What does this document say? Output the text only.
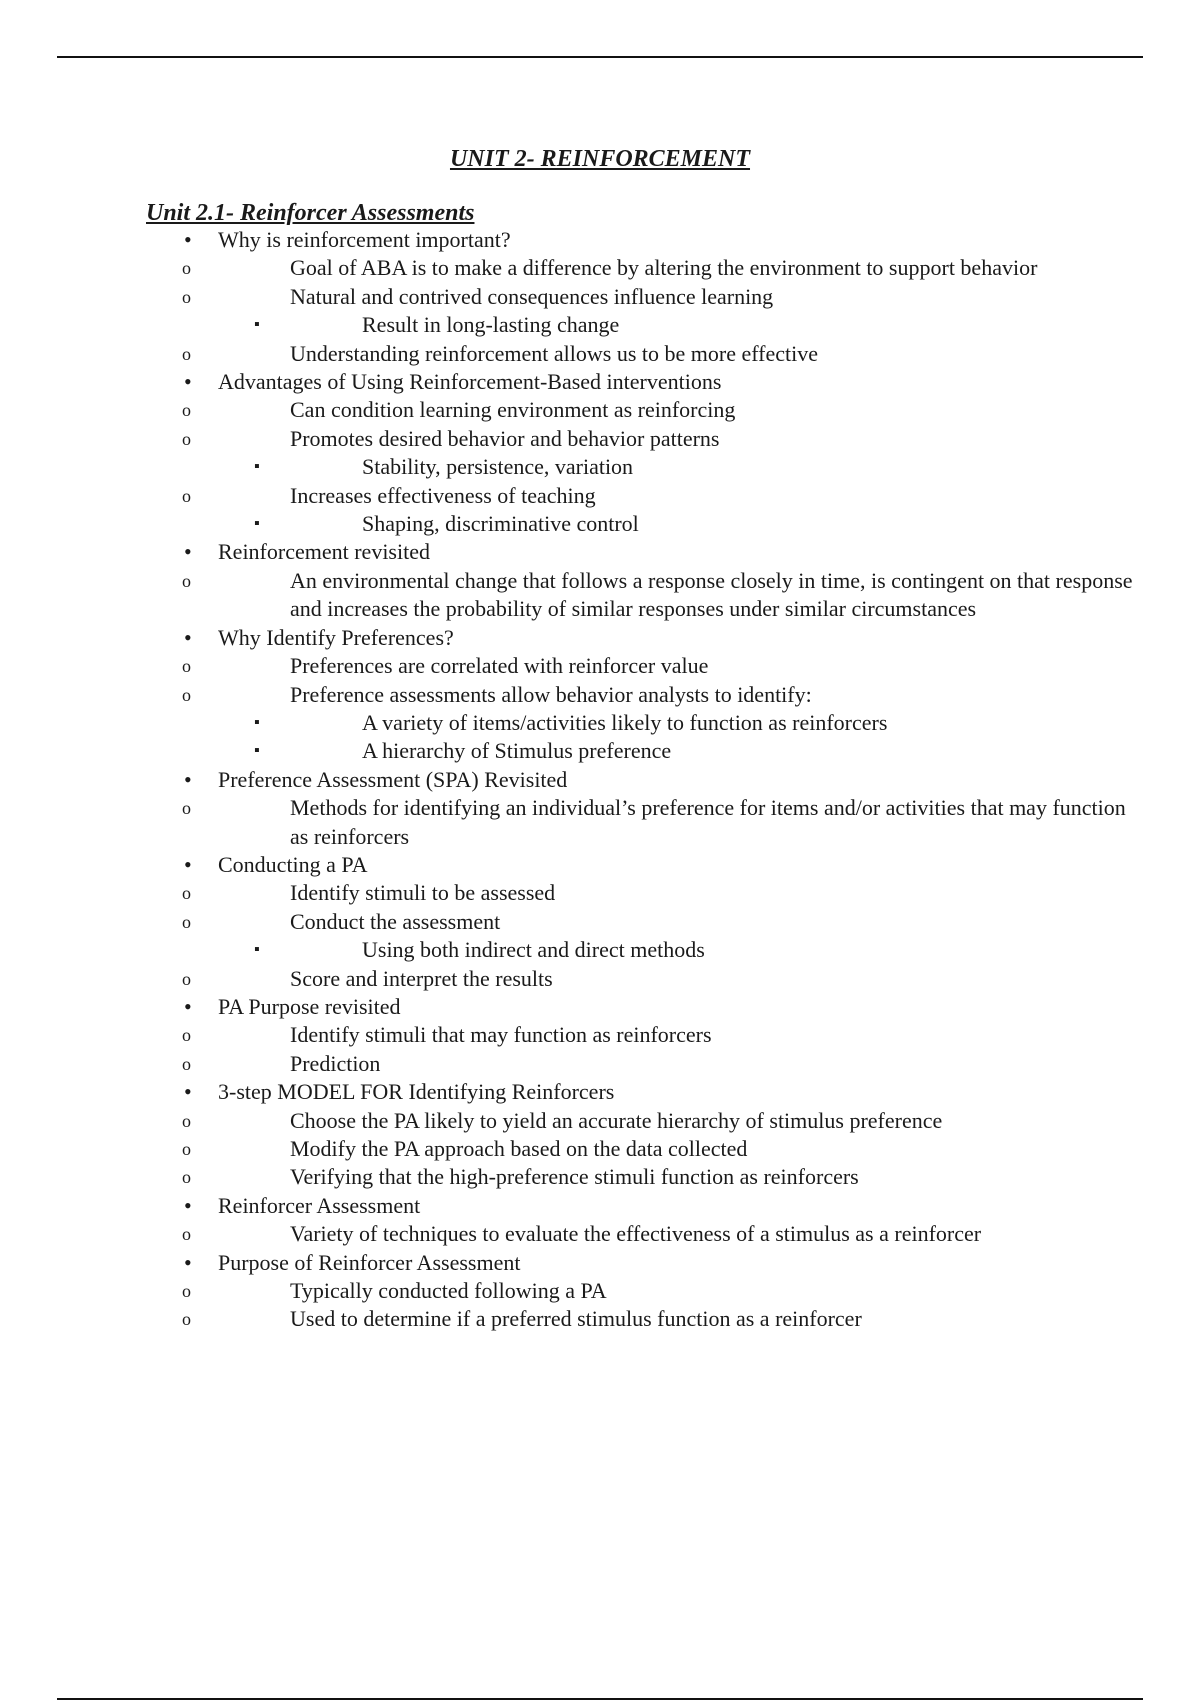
UNIT 2- REINFORCEMENT
Unit 2.1- Reinforcer Assessments
•	Why is reinforcement important?
o	Goal of ABA is to make a difference by altering the environment to support behavior
o	Natural and contrived consequences influence learning
▪	Result in long-lasting change
o	Understanding reinforcement allows us to be more effective
•	Advantages of Using Reinforcement-Based interventions
o	Can condition learning environment as reinforcing
o	Promotes desired behavior and behavior patterns
▪	Stability, persistence, variation
o	Increases effectiveness of teaching
▪	Shaping, discriminative control
•	Reinforcement revisited
o	An environmental change that follows a response closely in time, is contingent on that response and increases the probability of similar responses under similar circumstances
•	Why Identify Preferences?
o	Preferences are correlated with reinforcer value
o	Preference assessments allow behavior analysts to identify:
▪	A variety of items/activities likely to function as reinforcers
▪	A hierarchy of Stimulus preference
•	Preference Assessment (SPA) Revisited
o	Methods for identifying an individual’s preference for items and/or activities that may function as reinforcers
•	Conducting a PA
o	Identify stimuli to be assessed
o	Conduct the assessment
▪	Using both indirect and direct methods
o	Score and interpret the results
•	PA Purpose revisited
o	Identify stimuli that may function as reinforcers
o	Prediction
•	3-step MODEL FOR Identifying Reinforcers
o	Choose the PA likely to yield an accurate hierarchy of stimulus preference
o	Modify the PA approach based on the data collected
o	Verifying that the high-preference stimuli function as reinforcers
•	Reinforcer Assessment
o	Variety of techniques to evaluate the effectiveness of a stimulus as a reinforcer
•	Purpose of Reinforcer Assessment
o	Typically conducted following a PA
o	Used to determine if a preferred stimulus function as a reinforcer
